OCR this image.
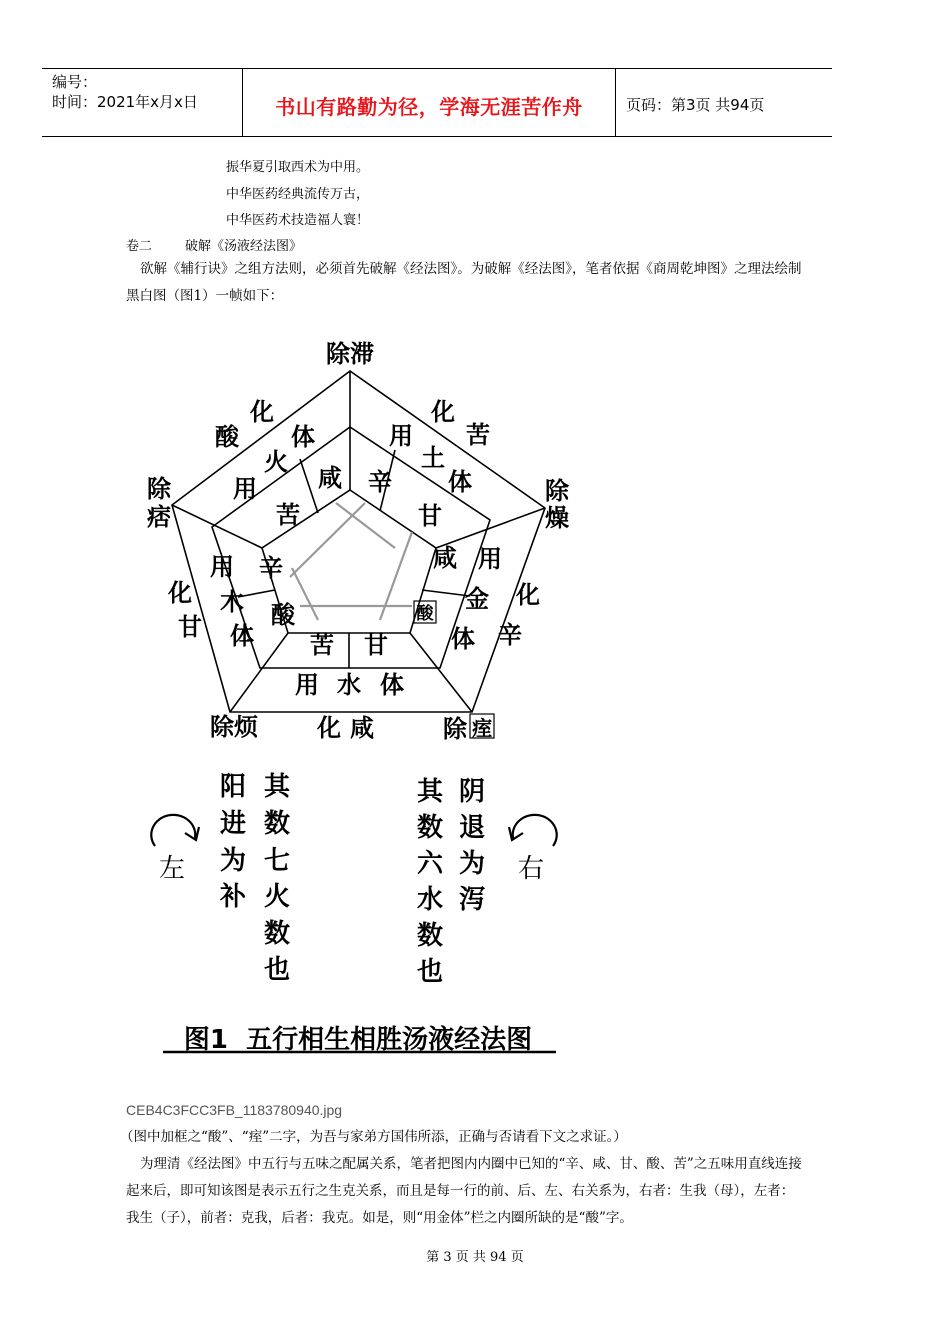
编号：
时间：2021年x月x日	书山有路勤为径，学海无涯苦作舟	页码：第3页 共94页
振华夏引取西术为中用。
中华医药经典流传万古，
中华医药术技造福人寰！
卷二        破解《汤液经法图》
欲解《辅行诀》之组方法则，必须首先破解《经法图》。为破解《经法图》，笔者依据《商周乾坤图》之理法绘制黑白图（图1）一帧如下：
除滞
除
燥
除
痞
除烦	除 痓
化
酸
化
苦
化
辛
化 咸
化
甘
用
火
体	用
土
体
用
金
体
用 水 体
用
木
体
咸 辛
甘
咸
酸
甘
苦
酸
辛
苦
阳
进
为
补
其
数
七
火
数
也
其
数
六
水
数
也
阴
退
为
泻
左	右
图1  五行相生相胜汤液经法图
CEB4C3FCC3FB_1183780940.jpg
（图中加框之“酸”、“痓”二字，为吾与家弟方国伟所添，正确与否请看下文之求证。）
为理清《经法图》中五行与五味之配属关系，笔者把图内内圈中已知的“辛、咸、甘、酸、苦”之五味用直线连接起来后，即可知该图是表示五行之生克关系，而且是每一行的前、后、左、右关系为，右者：生我（母），左者：我生（子），前者：克我，后者：我克。如是，则“用金体”栏之内圈所缺的是“酸”字。
第 3 页 共 94 页
